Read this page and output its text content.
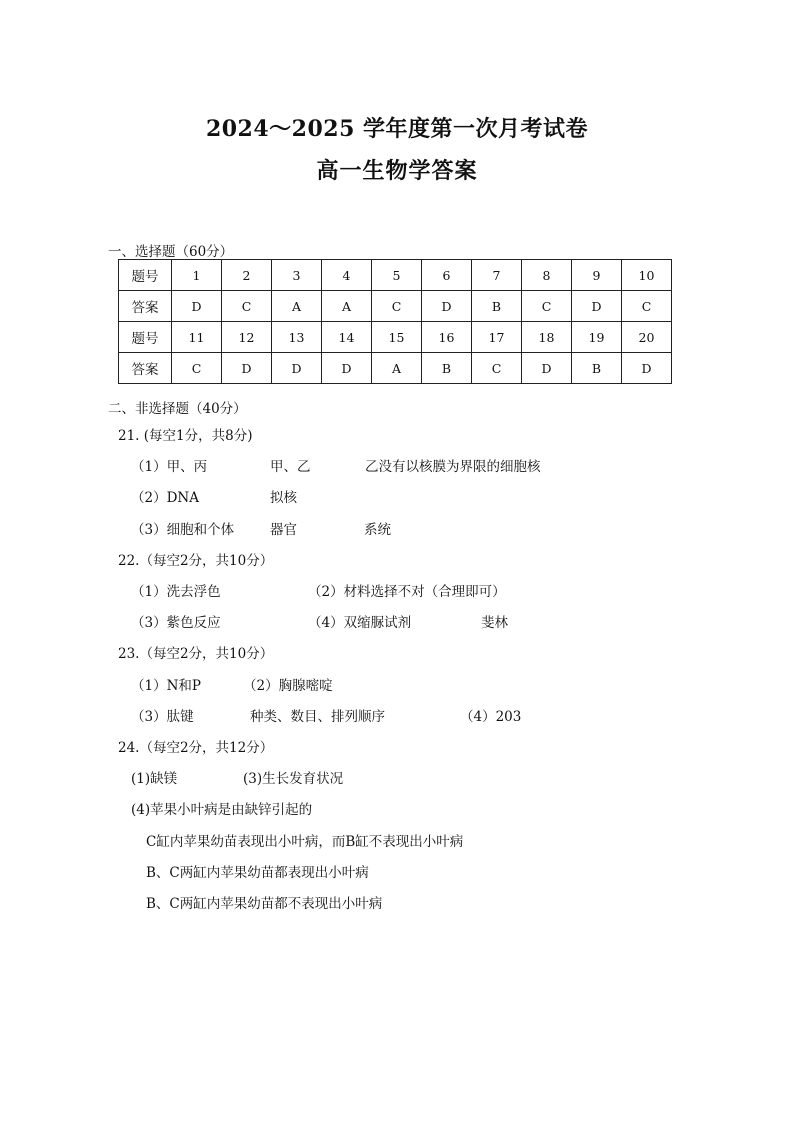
2024～2025 学年度第一次月考试卷
高一生物学答案
一、选择题（60分）
题号	1	2	3	4	5	6	7	8	9	10
答案	D	C	A	A	C	D	B	C	D	C
题号	11	12	13	14	15	16	17	18	19	20
答案	C	D	D	D	A	B	C	D	B	D
二、非选择题（40分）
21. (每空1分，共8分)
（1）甲、丙	甲、乙	乙没有以核膜为界限的细胞核
（2）DNA	拟核
（3）细胞和个体	器官	系统
22.（每空2分，共10分）
（1）洗去浮色	（2）材料选择不对（合理即可）
（3）紫色反应	（4）双缩脲试剂	斐林
23.（每空2分，共10分）
（1）N和P	（2）胸腺嘧啶
（3）肽键	种类、数目、排列顺序	（4）203
24.（每空2分，共12分）
(1)缺镁	(3)生长发育状况
(4)苹果小叶病是由缺锌引起的
C缸内苹果幼苗表现出小叶病，而B缸不表现出小叶病
B、C两缸内苹果幼苗都表现出小叶病
B、C两缸内苹果幼苗都不表现出小叶病
